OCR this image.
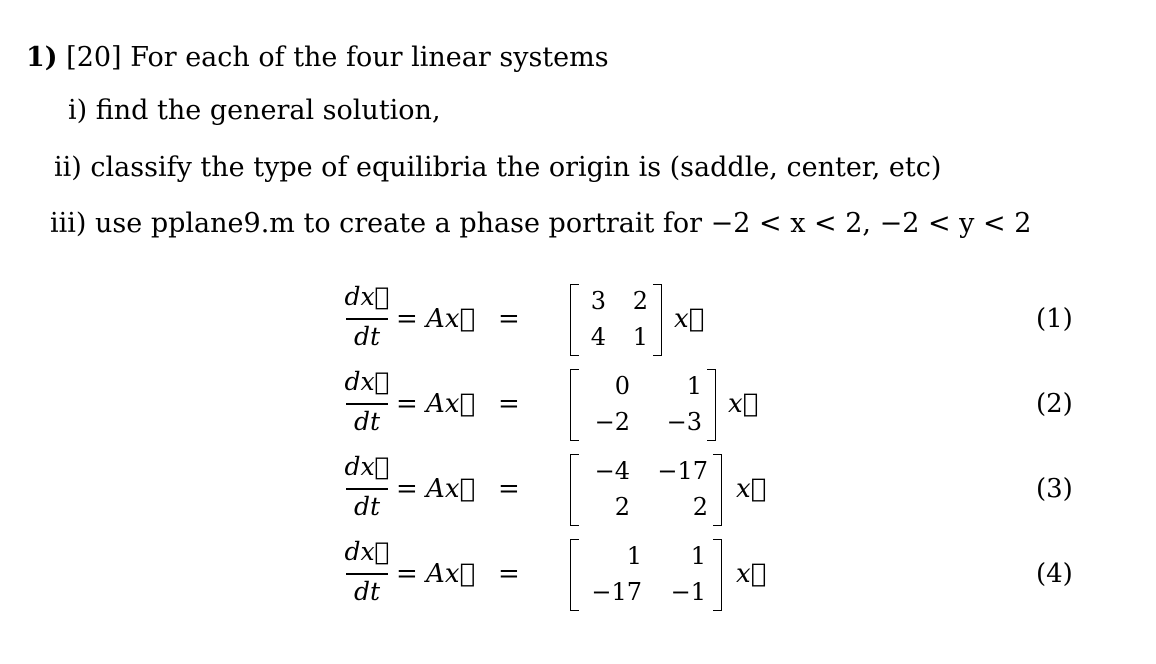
1) [20] For each of the four linear systems
i) find the general solution,
ii) classify the type of equilibria the origin is (saddle, center, etc)
iii) use pplane9.m to create a phase portrait for −2 < x < 2, −2 < y < 2
dx⃗
dt
= Ax⃗ =
3	2
4	1
x⃗	(1)
dx⃗
dt
= Ax⃗ =
0	1
−2	−3
x⃗	(2)
dx⃗
dt
= Ax⃗ =
−4	−17
2	2
x⃗	(3)
dx⃗
dt
= Ax⃗ =
1	1
−17	−1
x⃗	(4)
